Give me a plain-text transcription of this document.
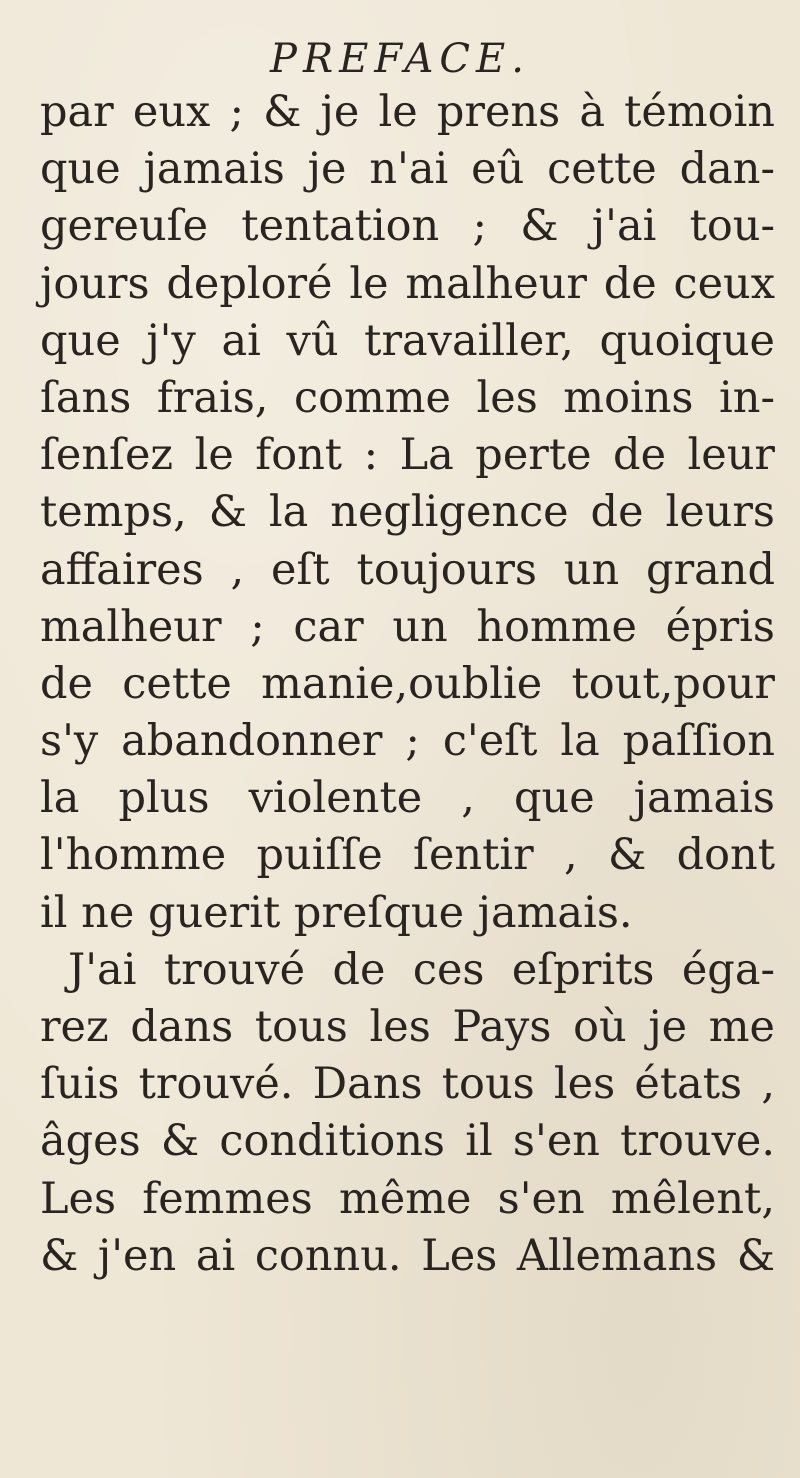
PREFACE.
par eux ; & je le prens à témoin
que jamais je n'ai eû cette dan-
gereuſe tentation ; & j'ai tou-
jours deploré le malheur de ceux
que j'y ai vû travailler, quoique
ſans frais, comme les moins in-
ſenſez le font : La perte de leur
temps, & la negligence de leurs
affaires , eſt toujours un grand
malheur ; car un homme épris
de cette manie,oublie tout,pour
s'y abandonner ; c'eſt la paſſion
la plus violente , que jamais
l'homme puiſſe ſentir , & dont
il ne guerit preſque jamais.
J'ai trouvé de ces eſprits éga-
rez dans tous les Pays où je me
ſuis trouvé. Dans tous les états ,
âges & conditions il s'en trouve.
Les femmes même s'en mêlent,
& j'en ai connu. Les Allemans &
